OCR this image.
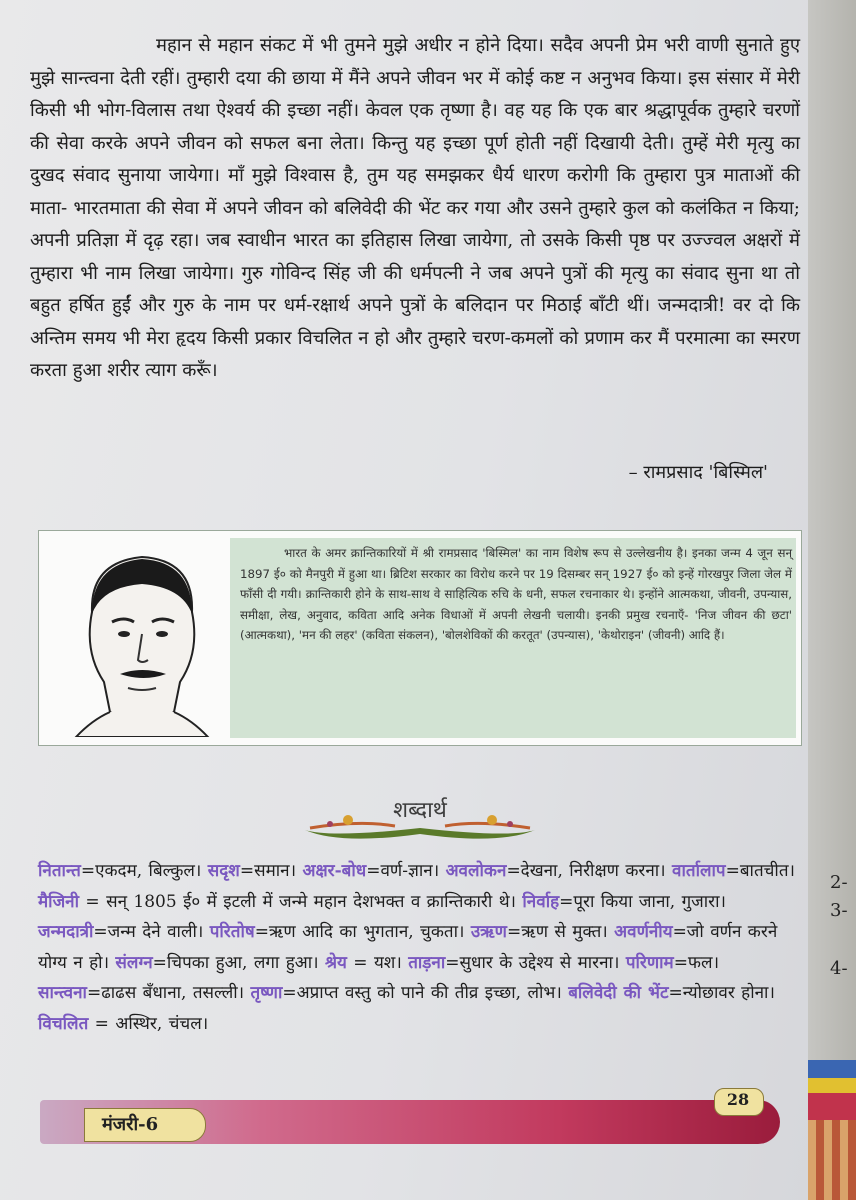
2-
3-
4-

महान से महान संकट में भी तुमने मुझे अधीर न होने दिया। सदैव अपनी प्रेम भरी वाणी सुनाते हुए मुझे सान्त्वना देती रहीं। तुम्हारी दया की छाया में मैंने अपने जीवन भर में कोई कष्ट न अनुभव किया। इस संसार में मेरी किसी भी भोग-विलास तथा ऐश्वर्य की इच्छा नहीं। केवल एक तृष्णा है। वह यह कि एक बार श्रद्धापूर्वक तुम्हारे चरणों की सेवा करके अपने जीवन को सफल बना लेता। किन्तु यह इच्छा पूर्ण होती नहीं दिखायी देती। तुम्हें मेरी मृत्यु का दुखद संवाद सुनाया जायेगा। माँ मुझे विश्वास है, तुम यह समझकर धैर्य धारण करोगी कि तुम्हारा पुत्र माताओं की माता- भारतमाता की सेवा में अपने जीवन को बलिवेदी की भेंट कर गया और उसने तुम्हारे कुल को कलंकित न किया; अपनी प्रतिज्ञा में दृढ़ रहा। जब स्वाधीन भारत का इतिहास लिखा जायेगा, तो उसके किसी पृष्ठ पर उज्ज्वल अक्षरों में तुम्हारा भी नाम लिखा जायेगा। गुरु गोविन्द सिंह जी की धर्मपत्नी ने जब अपने पुत्रों की मृत्यु का संवाद सुना था तो बहुत हर्षित हुईं और गुरु के नाम पर धर्म-रक्षार्थ अपने पुत्रों के बलिदान पर मिठाई बाँटी थीं। जन्मदात्री! वर दो कि अन्तिम समय भी मेरा हृदय किसी प्रकार विचलित न हो और तुम्हारे चरण-कमलों को प्रणाम कर मैं परमात्मा का स्मरण करता हुआ शरीर त्याग करूँ।

– रामप्रसाद 'बिस्मिल'

भारत के अमर क्रान्तिकारियों में श्री रामप्रसाद 'बिस्मिल' का नाम विशेष रूप से उल्लेखनीय है। इनका जन्म 4 जून सन् 1897 ई० को मैनपुरी में हुआ था। ब्रिटिश सरकार का विरोध करने पर 19 दिसम्बर सन् 1927 ई० को इन्हें गोरखपुर जिला जेल में फाँसी दी गयी। क्रान्तिकारी होने के साथ-साथ वे साहित्यिक रुचि के धनी, सफल रचनाकार थे। इन्होंने आत्मकथा, जीवनी, उपन्यास, समीक्षा, लेख, अनुवाद, कविता आदि अनेक विधाओं में अपनी लेखनी चलायी। इनकी प्रमुख रचनाएँ- 'निज जीवन की छटा' (आत्मकथा), 'मन की लहर' (कविता संकलन), 'बोलशेविकों की करतूत' (उपन्यास), 'केथोराइन' (जीवनी) आदि हैं।

शब्दार्थ

नितान्त=एकदम, बिल्कुल। सदृश=समान। अक्षर-बोध=वर्ण-ज्ञान। अवलोकन=देखना, निरीक्षण करना। वार्तालाप=बातचीत। मैजिनी = सन् 1805 ई० में इटली में जन्मे महान देशभक्त व क्रान्तिकारी थे। निर्वाह=पूरा किया जाना, गुजारा। जन्मदात्री=जन्म देने वाली। परितोष=ऋण आदि का भुगतान, चुकता। उऋण=ऋण से मुक्त। अवर्णनीय=जो वर्णन करने योग्य न हो। संलग्न=चिपका हुआ, लगा हुआ। श्रेय = यश। ताड़ना=सुधार के उद्देश्य से मारना। परिणाम=फल। सान्त्वना=ढाढस बँधाना, तसल्ली। तृष्णा=अप्राप्त वस्तु को पाने की तीव्र इच्छा, लोभ। बलिवेदी की भेंट=न्योछावर होना। विचलित = अस्थिर, चंचल।

मंजरी-6
28
